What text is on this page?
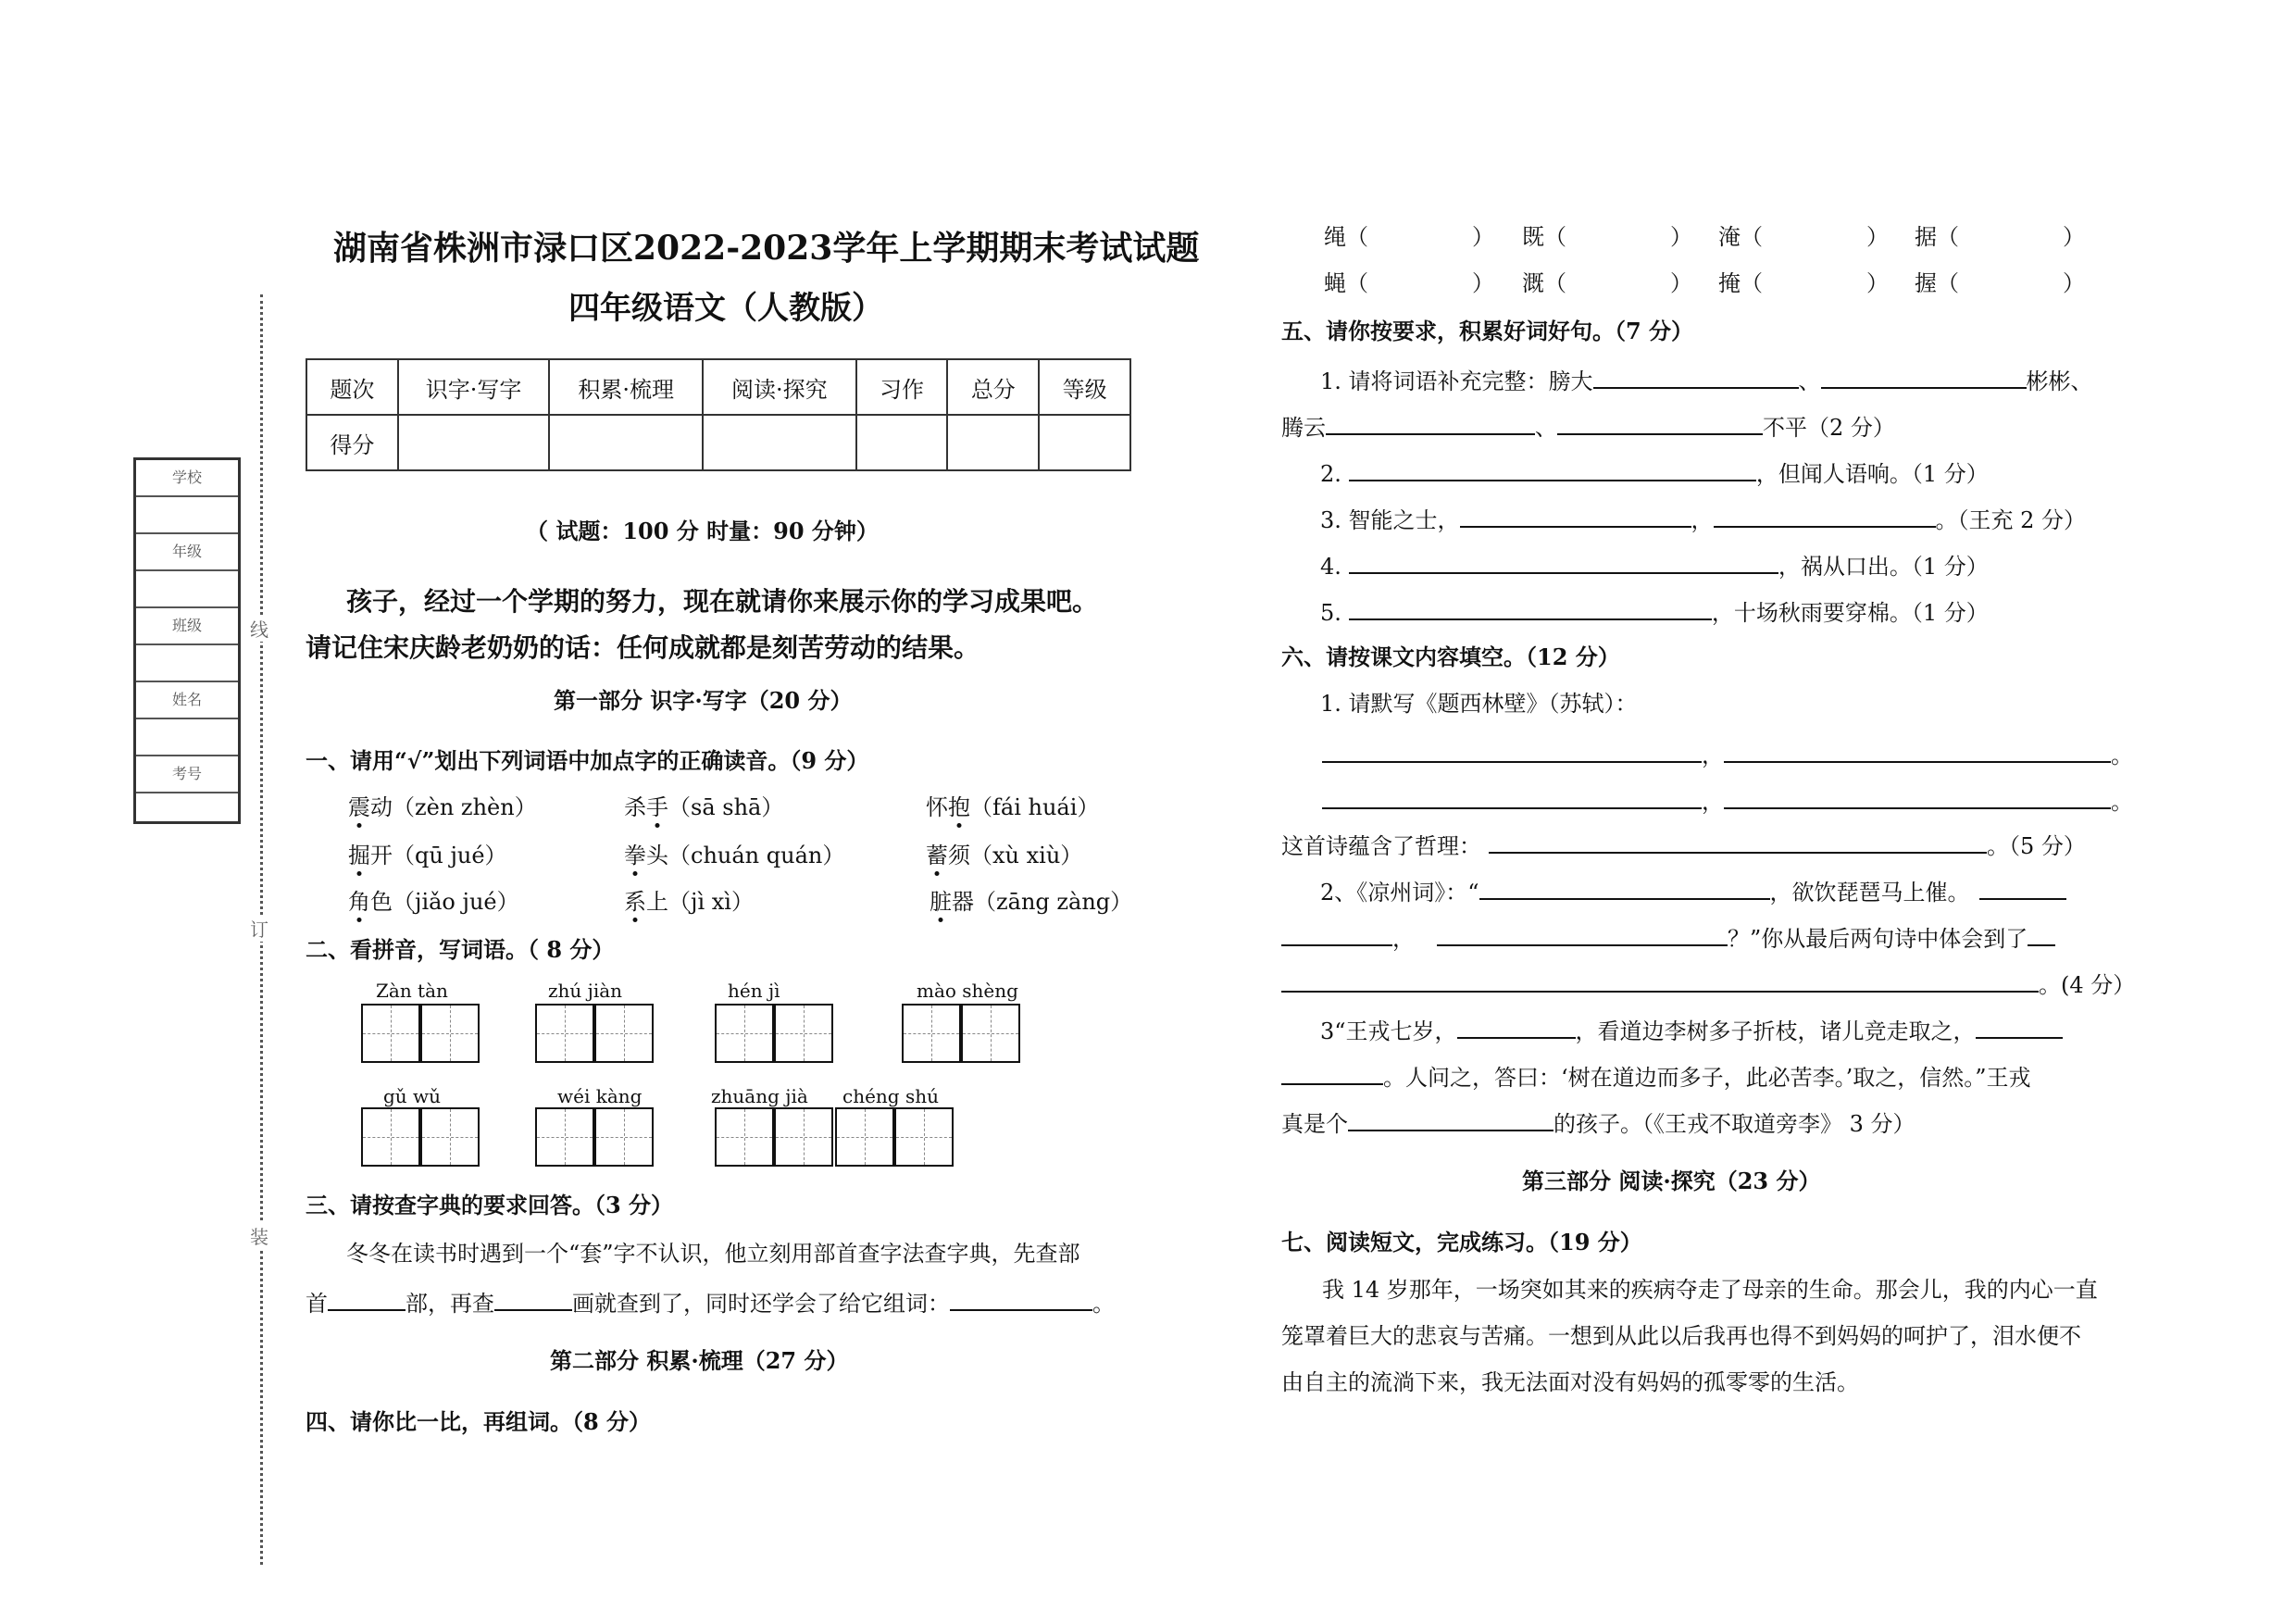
线
订
装
学校
年级
班级
姓名
考号
湖南省株洲市渌口区2022-2023学年上学期期末考试试题
四年级语文（人教版）
题次	识字·写字	积累·梳理	阅读·探究	习作	总分	等级
得分						
（ 试题：100 分 时量：90 分钟）
孩子，经过一个学期的努力，现在就请你来展示你的学习成果吧。
请记住宋庆龄老奶奶的话：任何成就都是刻苦劳动的结果。
第一部分 识字·写字（20 分）
一、请用“√”划出下列词语中加点字的正确读音。（9 分）
震动（zèn zhèn）	杀手（sā shā）	怀抱（fái huái）
掘开（qū jué）	拳头（chuán quán）	蓄须（xù xiù）
角色（jiǎo jué）	系上（jì xì）	脏器（zāng zàng）
二、看拼音，写词语。（ 8 分）
Zàn tàn	zhú jiàn	hén jì	mào shèng
gǔ wǔ	wéi kàng	zhuāng jià chéng shú
三、请按查字典的要求回答。（3 分）
冬冬在读书时遇到一个“套”字不认识，他立刻用部首查字法查字典，先查部
首	部，再查	画就查到了，同时还学会了给它组词：	。
第二部分 积累·梳理（27 分）
四、请你比一比，再组词。（8 分）
绳（	） 既（	） 淹（	） 据（	）
蝇（	） 溉（	） 掩（	） 握（	）
五、请你按要求，积累好词好句。（7 分）
1. 请将词语补充完整：膀大	、	彬彬、
腾云	、	不平（2 分）
2.	，但闻人语响。（1 分）
3. 智能之士，	，	。（王充 2 分）
4.	，祸从口出。（1 分）
5.	，十场秋雨要穿棉。（1 分）
六、请按课文内容填空。（12 分）
1. 请默写《题西林壁》（苏轼）：
，	。
，	。
这首诗蕴含了哲理：	。（5 分）
2、《凉州词》：“	，欲饮琵琶马上催。
，	？”你从最后两句诗中体会到了
。(4 分）
3“王戎七岁，	，看道边李树多子折枝，诸儿竞走取之，
。人问之，答曰：‘树在道边而多子，此必苦李。’取之，信然。”王戎
真是个	的孩子。（《王戎不取道旁李》 3 分）
第三部分 阅读·探究（23 分）
七、阅读短文，完成练习。（19 分）
我 14 岁那年，一场突如其来的疾病夺走了母亲的生命。那会儿，我的内心一直
笼罩着巨大的悲哀与苦痛。一想到从此以后我再也得不到妈妈的呵护了，泪水便不
由自主的流淌下来，我无法面对没有妈妈的孤零零的生活。
